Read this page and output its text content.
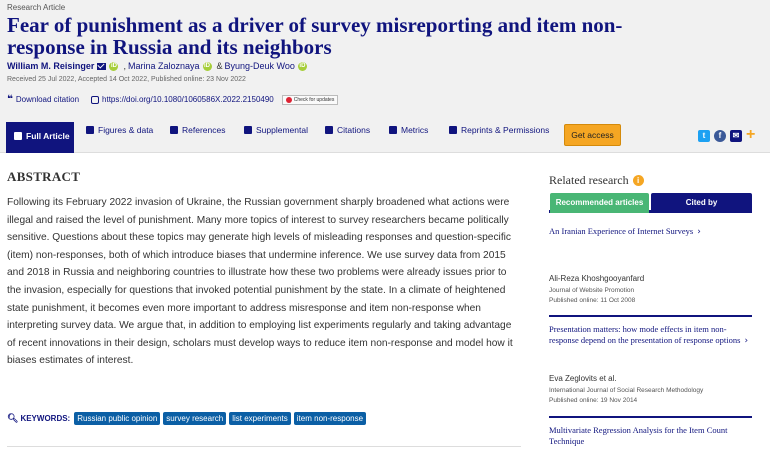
Research Article
Fear of punishment as a driver of survey misreporting and item non-response in Russia and its neighbors
William M. Reisinger	iD , Marina Zaloznaya iD & Byung-Deuk Woo iD
Received 25 Jul 2022, Accepted 14 Oct 2022, Published online: 23 Nov 2022
❝ Download citation	https://doi.org/10.1080/1060586X.2022.2150490	Check for updates
Full Article
Figures & data	References	Supplemental	Citations	Metrics	Reprints & Permissions	Get access	t	f	✉ +
ABSTRACT

Following its February 2022 invasion of Ukraine, the Russian government sharply broadened what actions were illegal and raised the level of punishment. Many more topics of interest to survey researchers became politically sensitive. Questions about these topics may generate high levels of misleading responses and question-specific (item) non-responses, both of which introduce biases that undermine inference. We use survey data from 2015 and 2018 in Russia and neighboring countries to illustrate how these two problems were already issues prior to the invasion, especially for questions that invoked potential punishment by the state. In a climate of heightened state punishment, it becomes even more important to address misresponse and item non-response when interpreting survey data. We argue that, in addition to employing list experiments regularly and taking advantage of recent innovations in their design, scholars must develop ways to reduce item non-response and model how it biases estimates of interest.

🔍︎ KEYWORDS: Russian public opinion	survey research	list experiments	item non-response
Related research	i
Recommended articles	Cited by
An Iranian Experience of Internet Surveys ›
Ali-Reza Khoshgooyanfard
Journal of Website Promotion
Published online: 11 Oct 2008
Presentation matters: how mode effects in item non-response depend on the presentation of response options ›
Eva Zeglovits et al.
International Journal of Social Research Methodology
Published online: 19 Nov 2014
Multivariate Regression Analysis for the Item Count Technique
